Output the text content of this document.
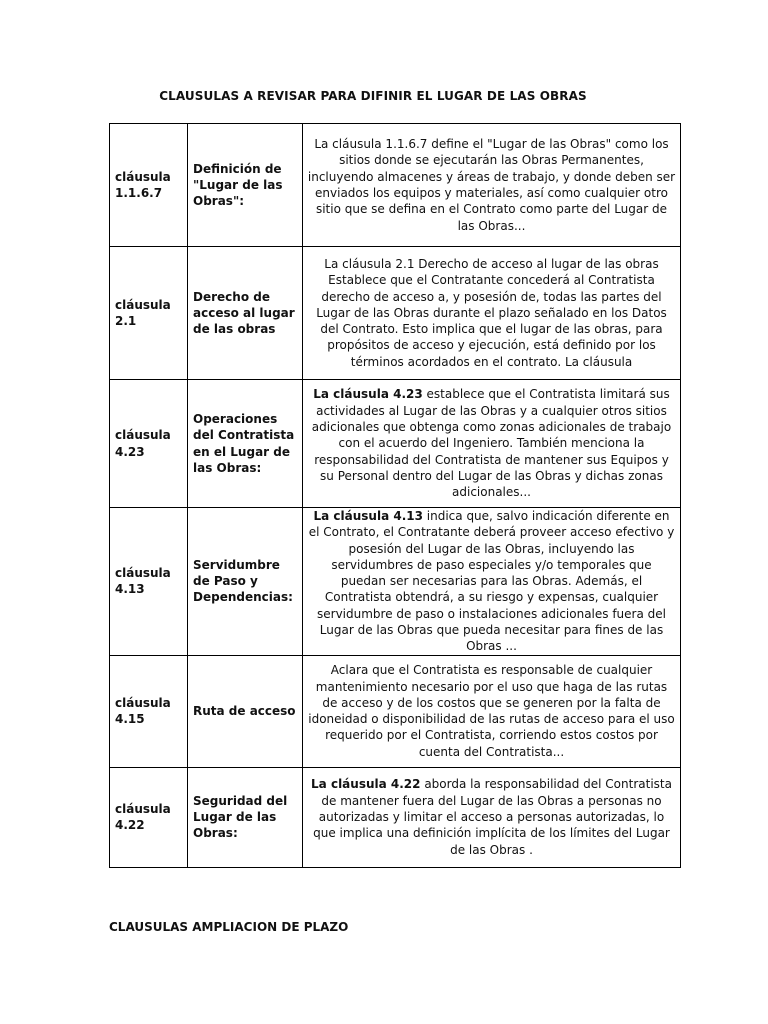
CLAUSULAS A REVISAR PARA DIFINIR EL LUGAR DE LAS OBRAS
cláusula 1.1.6.7	Definición de "Lugar de las Obras":	La cláusula 1.1.6.7 define el "Lugar de las Obras" como los sitios donde se ejecutarán las Obras Permanentes, incluyendo almacenes y áreas de trabajo, y donde deben ser enviados los equipos y materiales, así como cualquier otro sitio que se defina en el Contrato como parte del Lugar de las Obras...
cláusula 2.1	Derecho de acceso al lugar de las obras	La cláusula 2.1 Derecho de acceso al lugar de las obras Establece que el Contratante concederá al Contratista derecho de acceso a, y posesión de, todas las partes del Lugar de las Obras durante el plazo señalado en los Datos del Contrato. Esto implica que el lugar de las obras, para propósitos de acceso y ejecución, está definido por los términos acordados en el contrato. La cláusula
cláusula 4.23	Operaciones del Contratista en el Lugar de las Obras:	La cláusula 4.23 establece que el Contratista limitará sus actividades al Lugar de las Obras y a cualquier otros sitios adicionales que obtenga como zonas adicionales de trabajo con el acuerdo del Ingeniero. También menciona la responsabilidad del Contratista de mantener sus Equipos y su Personal dentro del Lugar de las Obras y dichas zonas adicionales...
cláusula 4.13	Servidumbre de Paso y Dependencias:	La cláusula 4.13 indica que, salvo indicación diferente en el Contrato, el Contratante deberá proveer acceso efectivo y posesión del Lugar de las Obras, incluyendo las servidumbres de paso especiales y/o temporales que puedan ser necesarias para las Obras. Además, el Contratista obtendrá, a su riesgo y expensas, cualquier servidumbre de paso o instalaciones adicionales fuera del Lugar de las Obras que pueda necesitar para fines de las Obras ...
cláusula 4.15	Ruta de acceso	Aclara que el Contratista es responsable de cualquier mantenimiento necesario por el uso que haga de las rutas de acceso y de los costos que se generen por la falta de idoneidad o disponibilidad de las rutas de acceso para el uso requerido por el Contratista, corriendo estos costos por cuenta del Contratista...
cláusula 4.22	Seguridad del Lugar de las Obras:	La cláusula 4.22 aborda la responsabilidad del Contratista de mantener fuera del Lugar de las Obras a personas no autorizadas y limitar el acceso a personas autorizadas, lo que implica una definición implícita de los límites del Lugar de las Obras .
CLAUSULAS AMPLIACION DE PLAZO
